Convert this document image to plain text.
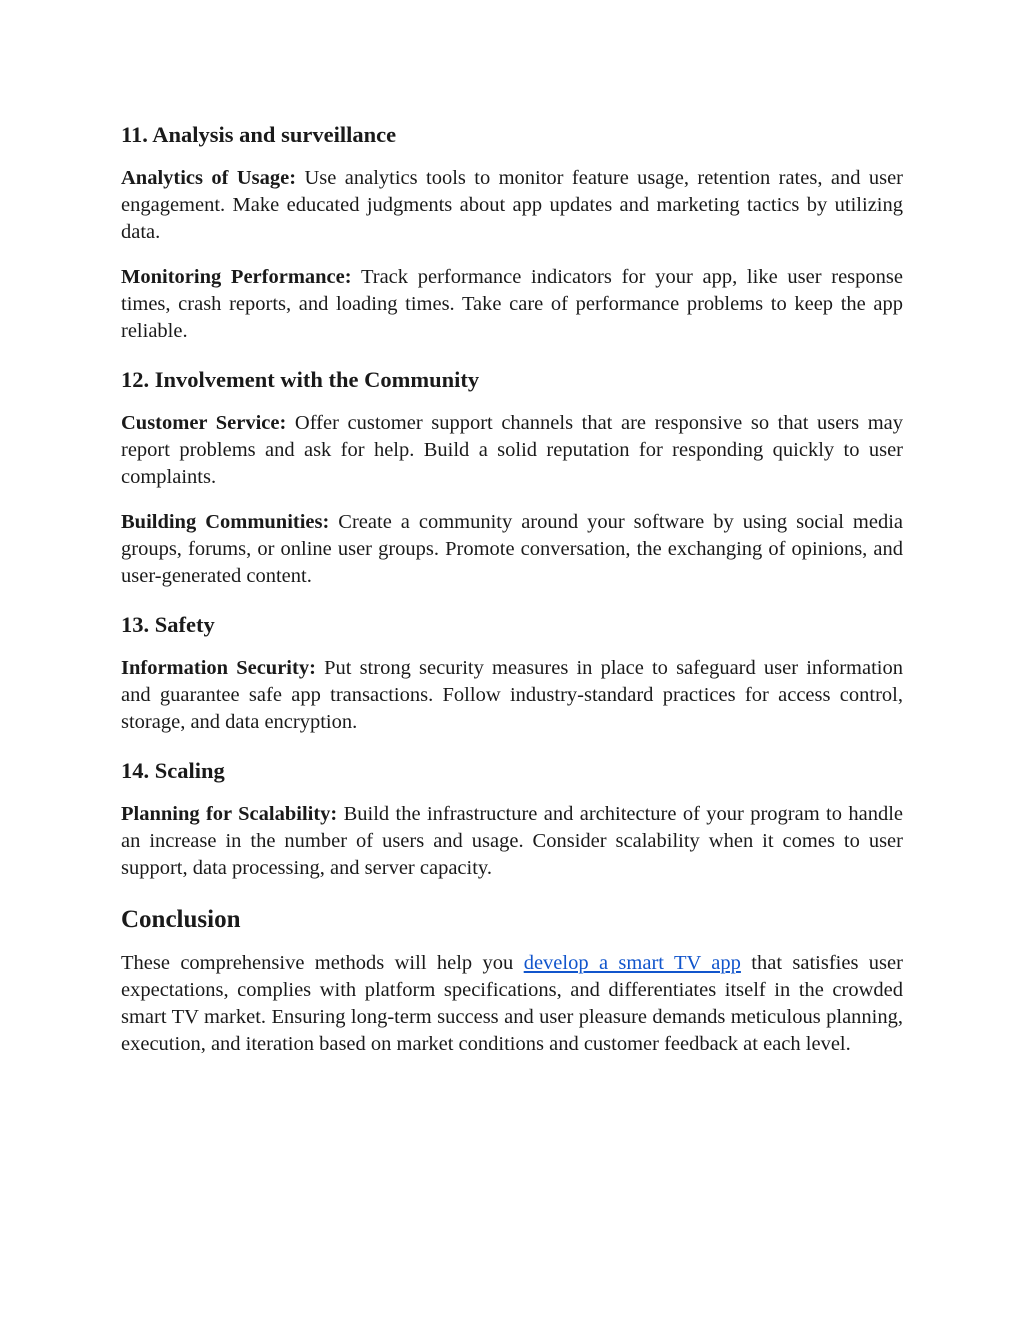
11. Analysis and surveillance

Analytics of Usage: Use analytics tools to monitor feature usage, retention rates, and user engagement. Make educated judgments about app updates and marketing tactics by utilizing data.

Monitoring Performance: Track performance indicators for your app, like user response times, crash reports, and loading times. Take care of performance problems to keep the app reliable.

12. Involvement with the Community

Customer Service: Offer customer support channels that are responsive so that users may report problems and ask for help. Build a solid reputation for responding quickly to user complaints.

Building Communities: Create a community around your software by using social media groups, forums, or online user groups. Promote conversation, the exchanging of opinions, and user-generated content.

13. Safety

Information Security: Put strong security measures in place to safeguard user information and guarantee safe app transactions. Follow industry-standard practices for access control, storage, and data encryption.

14. Scaling

Planning for Scalability: Build the infrastructure and architecture of your program to handle an increase in the number of users and usage. Consider scalability when it comes to user support, data processing, and server capacity.

Conclusion

These comprehensive methods will help you develop a smart TV app that satisfies user expectations, complies with platform specifications, and differentiates itself in the crowded smart TV market. Ensuring long-term success and user pleasure demands meticulous planning, execution, and iteration based on market conditions and customer feedback at each level.
